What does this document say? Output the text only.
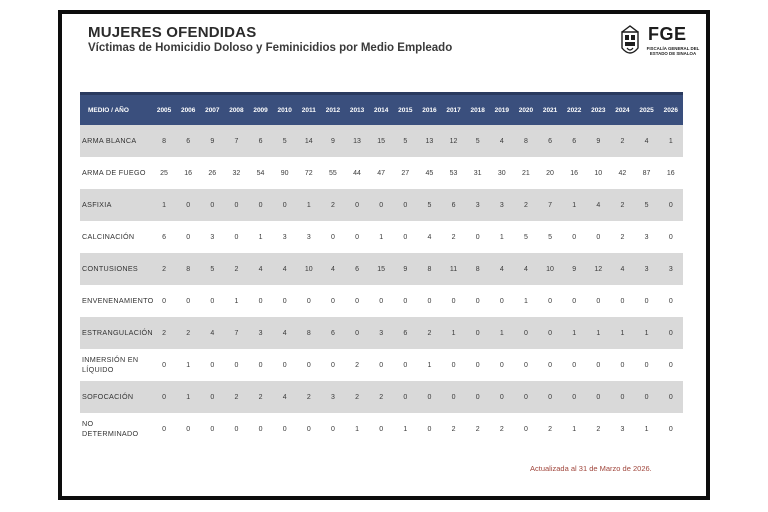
MUJERES OFENDIDAS
Víctimas de Homicidio Doloso y Feminicidios por Medio Empleado
FGE
FISCALÍA GENERAL DEL ESTADO DE SINALOA
MEDIO / AÑO	2005	2006	2007	2008	2009	2010	2011	2012	2013	2014	2015	2016	2017	2018	2019	2020	2021	2022	2023	2024	2025	2026
ARMA BLANCA	8	6	9	7	6	5	14	9	13	15	5	13	12	5	4	8	6	6	9	2	4	1
ARMA DE FUEGO	25	16	26	32	54	90	72	55	44	47	27	45	53	31	30	21	20	16	10	42	87	16
ASFIXIA	1	0	0	0	0	0	1	2	0	0	0	5	6	3	3	2	7	1	4	2	5	0
CALCINACIÓN	6	0	3	0	1	3	3	0	0	1	0	4	2	0	1	5	5	0	0	2	3	0
CONTUSIONES	2	8	5	2	4	4	10	4	6	15	9	8	11	8	4	4	10	9	12	4	3	3
ENVENENAMIENTO	0	0	0	1	0	0	0	0	0	0	0	0	0	0	0	1	0	0	0	0	0	0
ESTRANGULACIÓN	2	2	4	7	3	4	8	6	0	3	6	2	1	0	1	0	0	1	1	1	1	0
INMERSIÓN EN LÍQUIDO	0	1	0	0	0	0	0	0	2	0	0	1	0	0	0	0	0	0	0	0	0	0
SOFOCACIÓN	0	1	0	2	2	4	2	3	2	2	0	0	0	0	0	0	0	0	0	0	0	0
NO DETERMINADO	0	0	0	0	0	0	0	0	1	0	1	0	2	2	2	0	2	1	2	3	1	0
Actualizada al 31 de Marzo de 2026.
